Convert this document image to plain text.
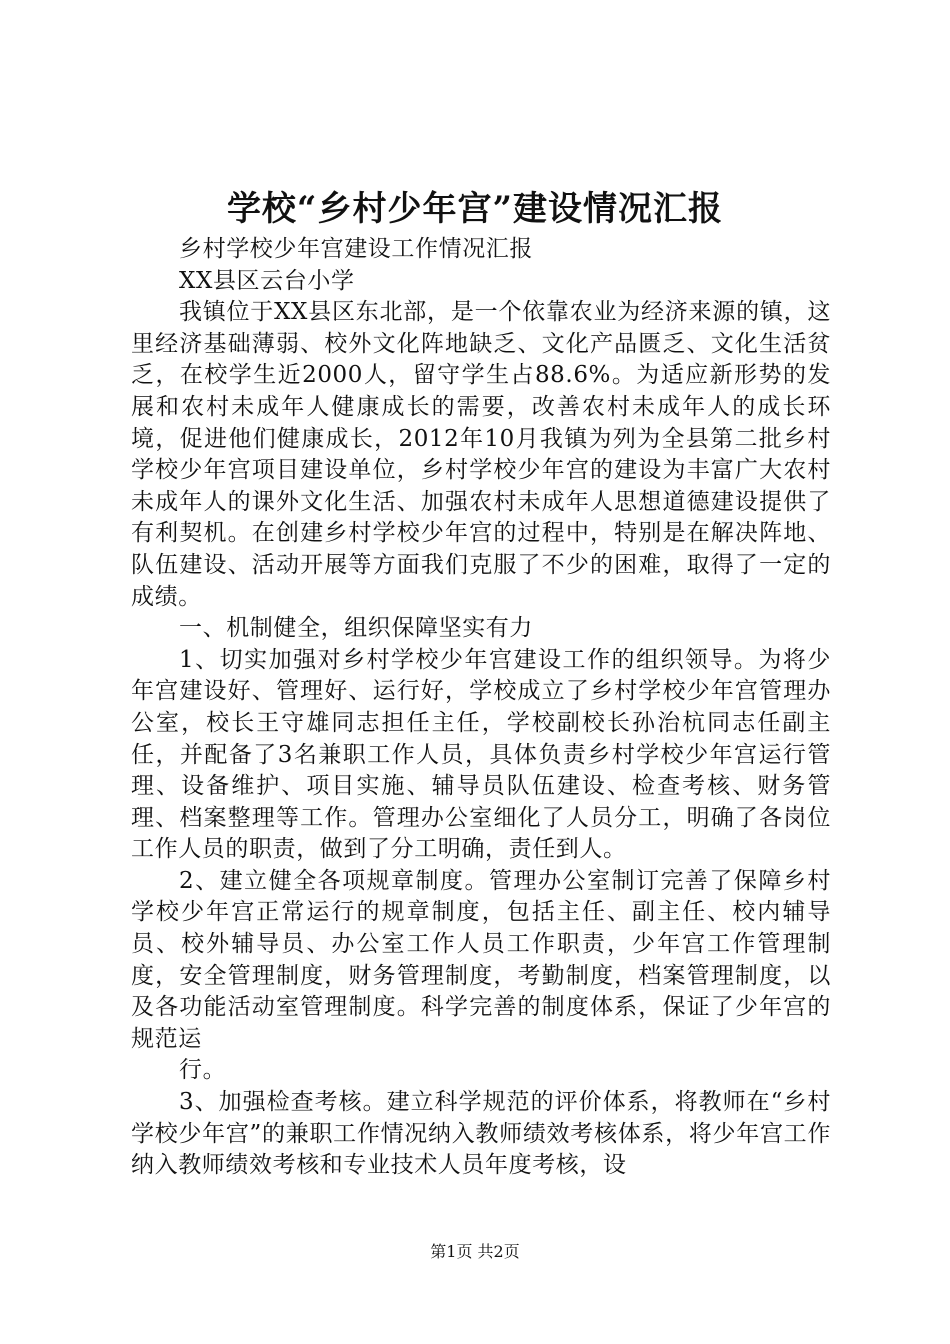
学校“乡村少年宫”建设情况汇报

乡村学校少年宫建设工作情况汇报

XX县区云台小学

我镇位于XX县区东北部，是一个依靠农业为经济来源的镇，这里经济基础薄弱、校外文化阵地缺乏、文化产品匮乏、文化生活贫乏，在校学生近2000人，留守学生占88.6%。为适应新形势的发展和农村未成年人健康成长的需要，改善农村未成年人的成长环境，促进他们健康成长，2012年10月我镇为列为全县第二批乡村学校少年宫项目建设单位，乡村学校少年宫的建设为丰富广大农村未成年人的课外文化生活、加强农村未成年人思想道德建设提供了有利契机。在创建乡村学校少年宫的过程中，特别是在解决阵地、队伍建设、活动开展等方面我们克服了不少的困难，取得了一定的成绩。

一、机制健全，组织保障坚实有力

1、切实加强对乡村学校少年宫建设工作的组织领导。为将少年宫建设好、管理好、运行好，学校成立了乡村学校少年宫管理办公室，校长王守雄同志担任主任，学校副校长孙治杭同志任副主任，并配备了3名兼职工作人员，具体负责乡村学校少年宫运行管理、设备维护、项目实施、辅导员队伍建设、检查考核、财务管理、档案整理等工作。管理办公室细化了人员分工，明确了各岗位工作人员的职责，做到了分工明确，责任到人。

2、建立健全各项规章制度。管理办公室制订完善了保障乡村学校少年宫正常运行的规章制度，包括主任、副主任、校内辅导员、校外辅导员、办公室工作人员工作职责，少年宫工作管理制度，安全管理制度，财务管理制度，考勤制度，档案管理制度，以及各功能活动室管理制度。科学完善的制度体系，保证了少年宫的规范运

行。

3、加强检查考核。建立科学规范的评价体系，将教师在“乡村学校少年宫”的兼职工作情况纳入教师绩效考核体系，将少年宫工作纳入教师绩效考核和专业技术人员年度考核，设

第1页 共2页
